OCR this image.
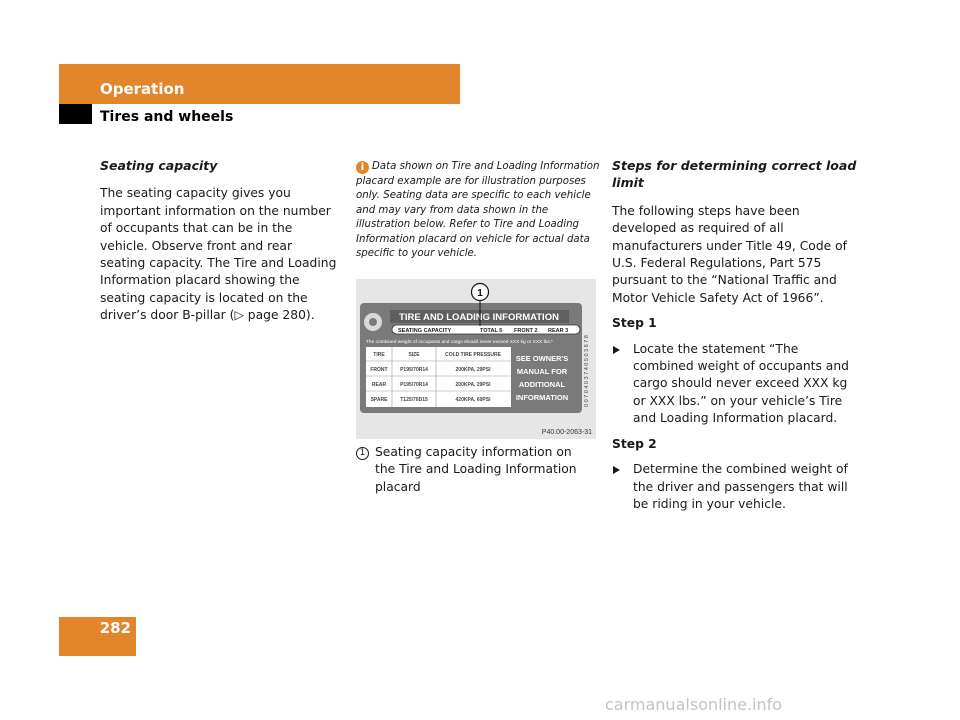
Operation
Tires and wheels

Seating capacity

The seating capacity gives you important information on the number of occupants that can be in the vehicle. Observe front and rear seating capacity. The Tire and Loading Information placard showing the seating capacity is located on the driver’s door B-pillar (▷ page 280).

i Data shown on Tire and Loading Information placard example are for illustration purposes only. Seating data are specific to each vehicle and may vary from data shown in the illustration below. Refer to Tire and Loading Information placard on vehicle for actual data specific to your vehicle.

TIRE AND LOADING INFORMATION
SEATING CAPACITY	TOTAL 5 FRONT 2 REAR 3
The combined weight of occupants and cargo should never exceed XXX kg or XXX lbs.*
TIRE	SIZE	COLD TIRE PRESSURE
FRONT P195/70R14	200KPA, 29PSI
REAR	P195/70R14	200KPA, 29PSI
SPARE	T125/70D15	420KPA, 60PSI
SEE OWNER'S
MANUAL FOR
ADDITIONAL
INFORMATION	0 0 7 0 4 0 3 7 4 0 5 0 3 8 7 8
1
P40.00-2063-31
1 Seating capacity information on the Tire and Loading Information placard

Steps for determining correct load limit

The following steps have been developed as required of all manufacturers under Title 49, Code of U.S. Federal Regulations, Part 575 pursuant to the “National Traffic and Motor Vehicle Safety Act of 1966”.

Step 1

Locate the statement “The combined weight of occupants and cargo should never exceed XXX kg or XXX lbs.” on your vehicle’s Tire and Loading Information placard.

Step 2

Determine the combined weight of the driver and passengers that will be riding in your vehicle.

282
carmanualsonline.info
